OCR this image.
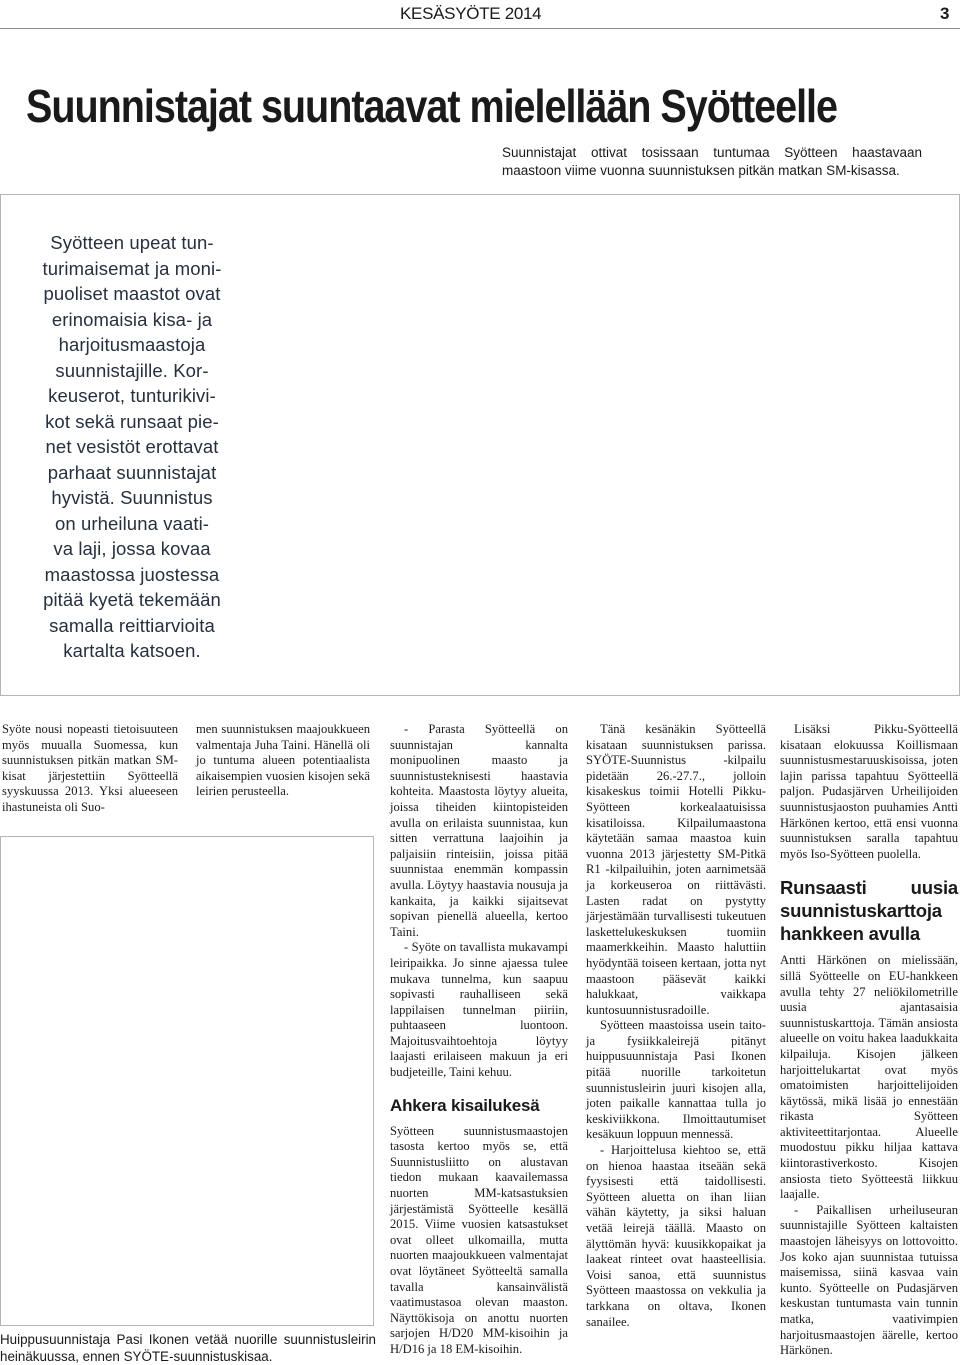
KESÄSYÖTE 2014	3
Suunnistajat suuntaavat mielellään Syötteelle
Suunnistajat ottivat tosissaan tuntumaa Syötteen haastavaan maastoon viime vuonna suunnistuksen pitkän matkan SM-kisassa.
Syötteen upeat tun-
turimaisemat ja moni-
puoliset maastot ovat
erinomaisia kisa- ja
harjoitusmaastoja
suunnistajille. Kor-
keuserot, tunturikivi-
kot sekä runsaat pie-
net vesistöt erottavat
parhaat suunnistajat
hyvistä. Suunnistus
on urheiluna vaati-
va laji, jossa kovaa
maastossa juostessa
pitää kyetä tekemään
samalla reittiarvioita
kartalta katsoen.

Syöte nousi nopeasti tietoisuuteen myös muualla Suomessa, kun suunnistuksen pitkän matkan SM-kisat järjestettiin Syötteellä syyskuussa 2013. Yksi alueeseen ihastuneista oli Suo-

men suunnistuksen maajoukkueen valmentaja Juha Taini. Hänellä oli jo tuntuma alueen potentiaalista aikaisempien vuosien kisojen sekä leirien perusteella.

Huippusuunnistaja Pasi Ikonen vetää nuorille suunnistusleirin heinäkuussa, ennen SYÖTE-suunnistuskisaa.

- Parasta Syötteellä on suunnistajan kannalta monipuolinen maasto ja suunnistusteknisesti haastavia kohteita. Maastosta löytyy alueita, joissa tiheiden kiintopisteiden avulla on erilaista suunnistaa, kun sitten verrattuna laajoihin ja paljaisiin rinteisiin, joissa pitää suunnistaa enemmän kompassin avulla. Löytyy haastavia nousuja ja kankaita, ja kaikki sijaitsevat sopivan pienellä alueella, kertoo Taini.

- Syöte on tavallista mukavampi leiripaikka. Jo sinne ajaessa tulee mukava tunnelma, kun saapuu sopivasti rauhalliseen sekä lappilaisen tunnelman piiriin, puhtaaseen luontoon. Majoitusvaihtoehtoja löytyy laajasti erilaiseen makuun ja eri budjeteille, Taini kehuu.

Ahkera kisailukesä

Syötteen suunnistusmaastojen tasosta kertoo myös se, että Suunnistusliitto on alustavan tiedon mukaan kaavailemassa nuorten MM-katsastuksien järjestämistä Syötteelle kesällä 2015. Viime vuosien katsastukset ovat olleet ulkomailla, mutta nuorten maajoukkueen valmentajat ovat löytäneet Syötteeltä samalla tavalla kansainvälistä vaatimustasoa olevan maaston. Näyttökisoja on anottu nuorten sarjojen H/D20 MM-kisoihin ja H/D16 ja 18 EM-kisoihin.

Tänä kesänäkin Syötteellä kisataan suunnistuksen parissa. SYÖTE-Suunnistus -kilpailu pidetään 26.-27.7., jolloin kisakeskus toimii Hotelli Pikku-Syötteen korkealaatuisissa kisatiloissa. Kilpailumaastona käytetään samaa maastoa kuin vuonna 2013 järjestetty SM-Pitkä R1 -kilpailuihin, joten aarnimetsää ja korkeuseroa on riittävästi. Lasten radat on pystytty järjestämään turvallisesti tukeutuen laskettelukeskuksen tuomiin maamerkkeihin. Maasto haluttiin hyödyntää toiseen kertaan, jotta nyt maastoon pääsevät kaikki halukkaat, vaikkapa kuntosuunnistusradoille.

Syötteen maastoissa usein taito- ja fysiikkaleirejä pitänyt huippusuunnistaja Pasi Ikonen pitää nuorille tarkoitetun suunnistusleirin juuri kisojen alla, joten paikalle kannattaa tulla jo keskiviikkona. Ilmoittautumiset kesäkuun loppuun mennessä.

- Harjoittelusa kiehtoo se, että on hienoa haastaa itseään sekä fyysisesti että taidollisesti. Syötteen aluetta on ihan liian vähän käytetty, ja siksi haluan vetää leirejä täällä. Maasto on älyttömän hyvä: kuusikkopaikat ja laakeat rinteet ovat haasteellisia. Voisi sanoa, että suunnistus Syötteen maastossa on vekkulia ja tarkkana on oltava, Ikonen sanailee.

Lisäksi Pikku-Syötteellä kisataan elokuussa Koillismaan suunnistusmestaruuskisoissa, joten lajin parissa tapahtuu Syötteellä paljon. Pudasjärven Urheilijoiden suunnistusjaoston puuhamies Antti Härkönen kertoo, että ensi vuonna suunnistuksen saralla tapahtuu myös Iso-Syötteen puolella.

Runsaasti uusia suunnistuskarttoja hankkeen avulla

Antti Härkönen on mielissään, sillä Syötteelle on EU-hankkeen avulla tehty 27 neliökilometrille uusia ajantasaisia suunnistuskarttoja. Tämän ansiosta alueelle on voitu hakea laadukkaita kilpailuja. Kisojen jälkeen harjoittelukartat ovat myös omatoimisten harjoittelijoiden käytössä, mikä lisää jo ennestään rikasta Syötteen aktiviteettitarjontaa. Alueelle muodostuu pikku hiljaa kattava kiintorastiverkosto. Kisojen ansiosta tieto Syötteestä liikkuu laajalle.

- Paikallisen urheiluseuran suunnistajille Syötteen kaltaisten maastojen läheisyys on lottovoitto. Jos koko ajan suunnistaa tutuissa maisemissa, siinä kasvaa vain kunto. Syötteelle on Pudasjärven keskustan tuntumasta vain tunnin matka, vaativimpien harjoitusmaastojen äärelle, kertoo Härkönen.
